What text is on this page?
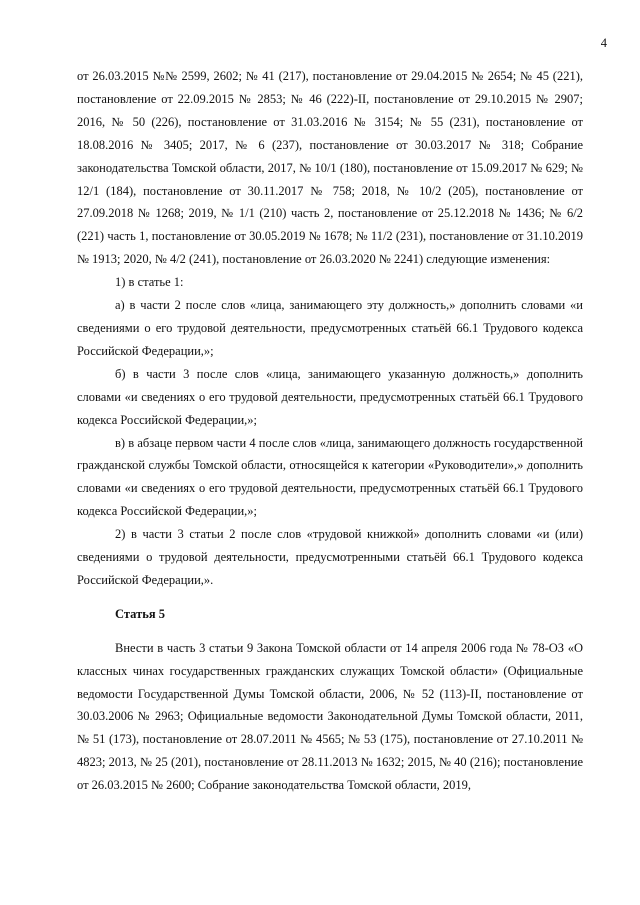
4

от 26.03.2015 №№ 2599, 2602; № 41 (217), постановление от 29.04.2015 № 2654; № 45 (221), постановление от 22.09.2015 № 2853; № 46 (222)-II, постановление от 29.10.2015 № 2907; 2016, № 50 (226), постановление от 31.03.2016 № 3154; № 55 (231), постановление от 18.08.2016 № 3405; 2017, № 6 (237), постановление от 30.03.2017 № 318; Собрание законодательства Томской области, 2017, № 10/1 (180), постановление от 15.09.2017 № 629; № 12/1 (184), постановление от 30.11.2017 № 758; 2018, № 10/2 (205), постановление от 27.09.2018 № 1268; 2019, № 1/1 (210) часть 2, постановление от 25.12.2018 № 1436; № 6/2 (221) часть 1, постановление от 30.05.2019 № 1678; № 11/2 (231), постановление от 31.10.2019 № 1913; 2020, № 4/2 (241), постановление от 26.03.2020 № 2241) следующие изменения:

1) в статье 1:

а) в части 2 после слов «лица, занимающего эту должность,» дополнить словами «и сведениями о его трудовой деятельности, предусмотренных статьёй 66.1 Трудового кодекса Российской Федерации,»;

б) в части 3 после слов «лица, занимающего указанную должность,» дополнить словами «и сведениях о его трудовой деятельности, предусмотренных статьёй 66.1 Трудового кодекса Российской Федерации,»;

в) в абзаце первом части 4 после слов «лица, занимающего должность государственной гражданской службы Томской области, относящейся к категории «Руководители»,» дополнить словами «и сведениях о его трудовой деятельности, предусмотренных статьёй 66.1 Трудового кодекса Российской Федерации,»;

2) в части 3 статьи 2 после слов «трудовой книжкой» дополнить словами «и (или) сведениями о трудовой деятельности, предусмотренными статьёй 66.1 Трудового кодекса Российской Федерации,».

Статья 5

Внести в часть 3 статьи 9 Закона Томской области от 14 апреля 2006 года № 78-ОЗ «О классных чинах государственных гражданских служащих Томской области» (Официальные ведомости Государственной Думы Томской области, 2006, № 52 (113)-II, постановление от 30.03.2006 № 2963; Официальные ведомости Законодательной Думы Томской области, 2011, № 51 (173), постановление от 28.07.2011 № 4565; № 53 (175), постановление от 27.10.2011 № 4823; 2013, № 25 (201), постановление от 28.11.2013 № 1632; 2015, № 40 (216); постановление от 26.03.2015 № 2600; Собрание законодательства Томской области, 2019,
